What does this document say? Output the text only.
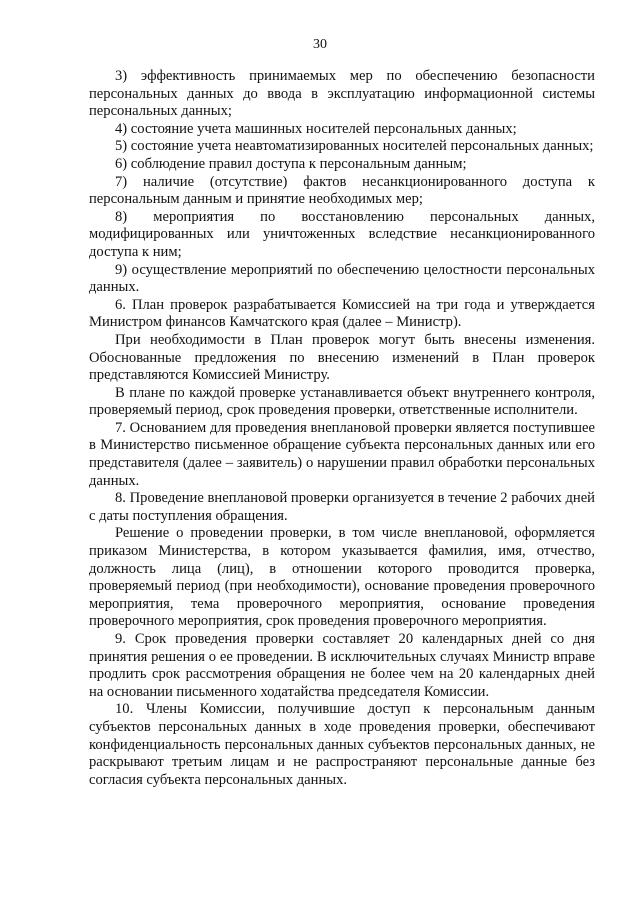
30

3) эффективность принимаемых мер по обеспечению безопасности персональных данных до ввода в эксплуатацию информационной системы персональных данных;

4) состояние учета машинных носителей персональных данных;

5) состояние учета неавтоматизированных носителей персональных данных;

6) соблюдение правил доступа к персональным данным;

7) наличие (отсутствие) фактов несанкционированного доступа к персональным данным и принятие необходимых мер;

8) мероприятия по восстановлению персональных данных, модифицированных или уничтоженных вследствие несанкционированного доступа к ним;

9) осуществление мероприятий по обеспечению целостности персональных данных.

6. План проверок разрабатывается Комиссией на три года и утверждается Министром финансов Камчатского края (далее – Министр).

При необходимости в План проверок могут быть внесены изменения. Обоснованные предложения по внесению изменений в План проверок представляются Комиссией Министру.

В плане по каждой проверке устанавливается объект внутреннего контроля, проверяемый период, срок проведения проверки, ответственные исполнители.

7. Основанием для проведения внеплановой проверки является поступившее в Министерство письменное обращение субъекта персональных данных или его представителя (далее – заявитель) о нарушении правил обработки персональных данных.

8. Проведение внеплановой проверки организуется в течение 2 рабочих дней с даты поступления обращения.

Решение о проведении проверки, в том числе внеплановой, оформляется приказом Министерства, в котором указывается фамилия, имя, отчество, должность лица (лиц), в отношении которого проводится проверка, проверяемый период (при необходимости), основание проведения проверочного мероприятия, тема проверочного мероприятия, основание проведения проверочного мероприятия, срок проведения проверочного мероприятия.

9. Срок проведения проверки составляет 20 календарных дней со дня принятия решения о ее проведении. В исключительных случаях Министр вправе продлить срок рассмотрения обращения не более чем на 20 календарных дней на основании письменного ходатайства председателя Комиссии.

10. Члены Комиссии, получившие доступ к персональным данным субъектов персональных данных в ходе проведения проверки, обеспечивают конфиденциальность персональных данных субъектов персональных данных, не раскрывают третьим лицам и не распространяют персональные данные без согласия субъекта персональных данных.
